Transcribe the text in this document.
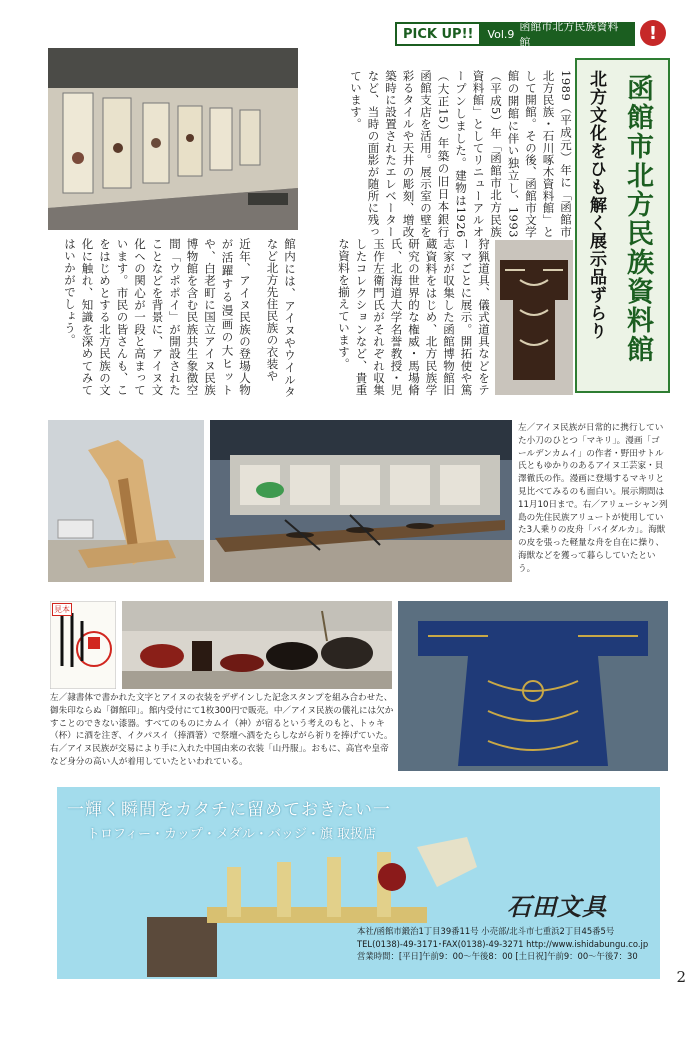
PICK UP!!	Vol.9
函館市北方民族資料館	!
函館市北方民族資料館
北方文化をひも解く展示品ずらり
1989（平成元）年に「函館市北方民族・石川啄木資料館」として開館。その後、函館市文学館の開館に伴い独立し、1993（平成5）年「函館市北方民族資料館」としてリニューアルオープンしました。建物は1926（大正15）年築の旧日本銀行函館支店を活用。展示室の壁を彩るタイルや天井の彫刻、増改築時に設置されたエレベーターなど、当時の面影が随所に残っています。
館内には、アイヌやウイルタなど北方先住民族の衣装や	狩猟道具、儀式道具などをテーマごとに展示。開拓使や篤志家が収集した函館博物館旧蔵資料をはじめ、北方民族学研究の世界的な権威・馬場脩氏、北海道大学名誉教授・児玉作左衛門氏がそれぞれ収集したコレクションなど、貴重な資料を揃えています。
近年、アイヌ民族の登場人物が活躍する漫画の大ヒットや、白老町に国立アイヌ民族博物館を含む民族共生象徴空間「ウポポイ」が開設されたことなどを背景に、アイヌ文化への関心が一段と高まっています。市民の皆さんも、こをはじめとする北方民族の文化に触れ、知識を深めてみてはいかがでしょう。
左／アイヌ民族が日常的に携行していた小刀のひとつ「マキリ」。漫画「ゴールデンカムイ」の作者・野田サトル氏ともゆかりのあるアイヌ工芸家・貝澤徹氏の作。漫画に登場するマキリと見比べてみるのも面白い。展示期間は11月10日まで。右／アリューシャン列島の先住民族アリュートが使用していた3人乗りの皮舟「バイダルカ」。海獣の皮を張った軽量な舟を自在に操り、海獣などを獲って暮らしていたという。
見本
左／隷書体で書かれた文字とアイヌの衣装をデザインした記念スタンプを組み合わせた、御朱印ならぬ「御館印」。館内受付にて1枚300円で販売。中／アイヌ民族の儀礼には欠かすことのできない漆器。すべてのものにカムイ（神）が宿るという考えのもと、トゥキ（杯）に酒を注ぎ、イクパスイ（捧酒箸）で祭壇へ酒をたらしながら祈りを捧げていた。右／アイヌ民族が交易により手に入れた中国由来の衣装「山丹服」。おもに、高官や皇帝など身分の高い人が着用していたといわれている。
一輝く瞬間をカタチに留めておきたい一
トロフィー・カップ・メダル・バッジ・旗 取扱店
石田文具
本社/函館市鍛治1丁目39番11号 小売部/北斗市七重浜2丁目45番5号
TEL(0138)-49-3171･FAX(0138)-49-3271 http://www.ishidabungu.co.jp
営業時間：[平日]午前9：00〜午後8：00 [土日祝]午前9：00〜午後7：30
2
